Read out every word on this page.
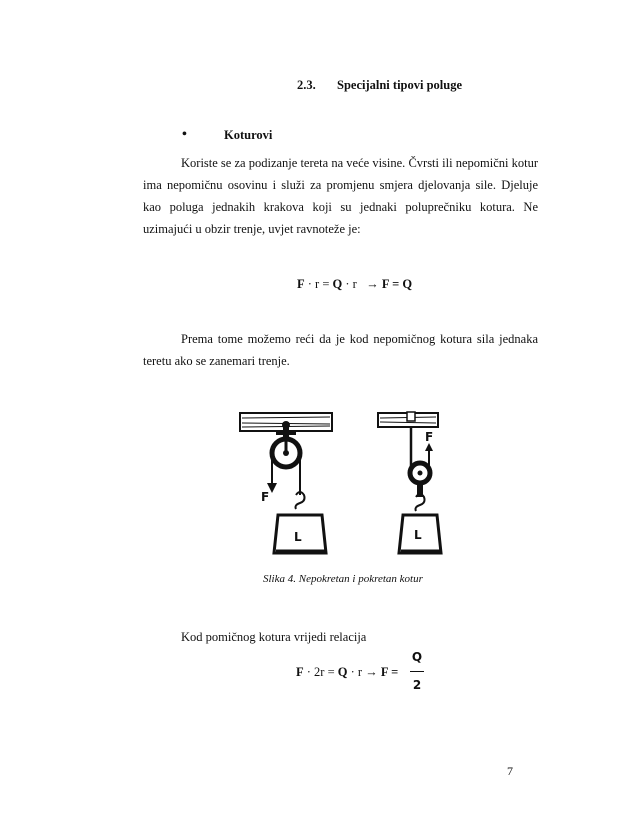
2.3. Specijalni tipovi poluge
•	Koturovi
Koriste se za podizanje tereta na veće visine. Čvrsti ili nepomični kotur ima nepomičnu osovinu i služi za promjenu smjera djelovanja sile. Djeluje kao poluga jednakih krakova koji su jednaki poluprečniku kotura. Ne uzimajući u obzir trenje, uvjet ravnoteže je:
F · r = Q · r → F = Q
Prema tome možemo reći da je kod nepomičnog kotura sila jednaka teretu ako se zanemari trenje.
F
L
F
L
Slika 4. Nepokretan i pokretan kotur
Kod pomičnog kotura vrijedi relacija
F · 2r = Q · r → F =
Q
2
7
